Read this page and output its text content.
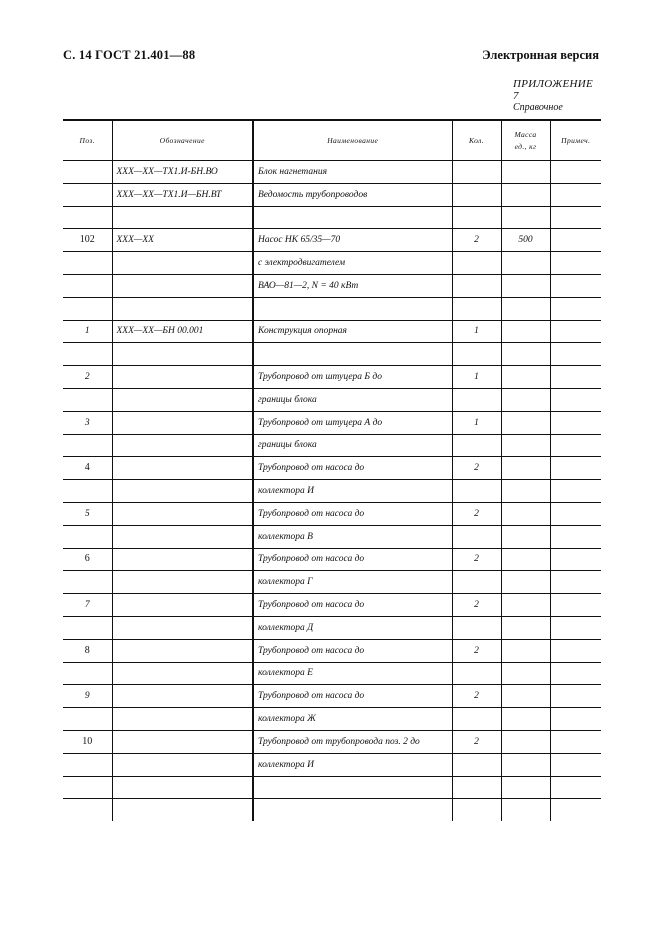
С. 14 ГОСТ 21.401—88	Электронная версия
ПРИЛОЖЕНИЕ 7
Справочное
Поз.	Обозначение	Наименование	Кол.	Масса
ед., кг	Примеч.
	XXX—XX—TX1.И-БН.ВО	Блок нагнетания			
	XXX—XX—TX1.И—БН.ВТ	Ведомость трубопроводов			

102	XXX—XX	Насос НК 65/35—70	2	500	
		с электродвигателем			
		ВАО—81—2, N = 40 кВт			

1	XXX—XX—БН 00.001	Конструкция опорная	1		

2		Трубопровод от штуцера Б до	1		
		границы блока			
3		Трубопровод от штуцера А до	1		
		границы блока			
4		Трубопровод от насоса до	2		
		коллектора И			
5		Трубопровод от насоса до	2		
		коллектора В			
6		Трубопровод от насоса до	2		
		коллектора Г			
7		Трубопровод от насоса до	2		
		коллектора Д			
8		Трубопровод от насоса до	2		
		коллектора Е			
9		Трубопровод от насоса до	2		
		коллектора Ж			
10		Трубопровод от трубопровода поз. 2 до	2		
		коллектора И			
